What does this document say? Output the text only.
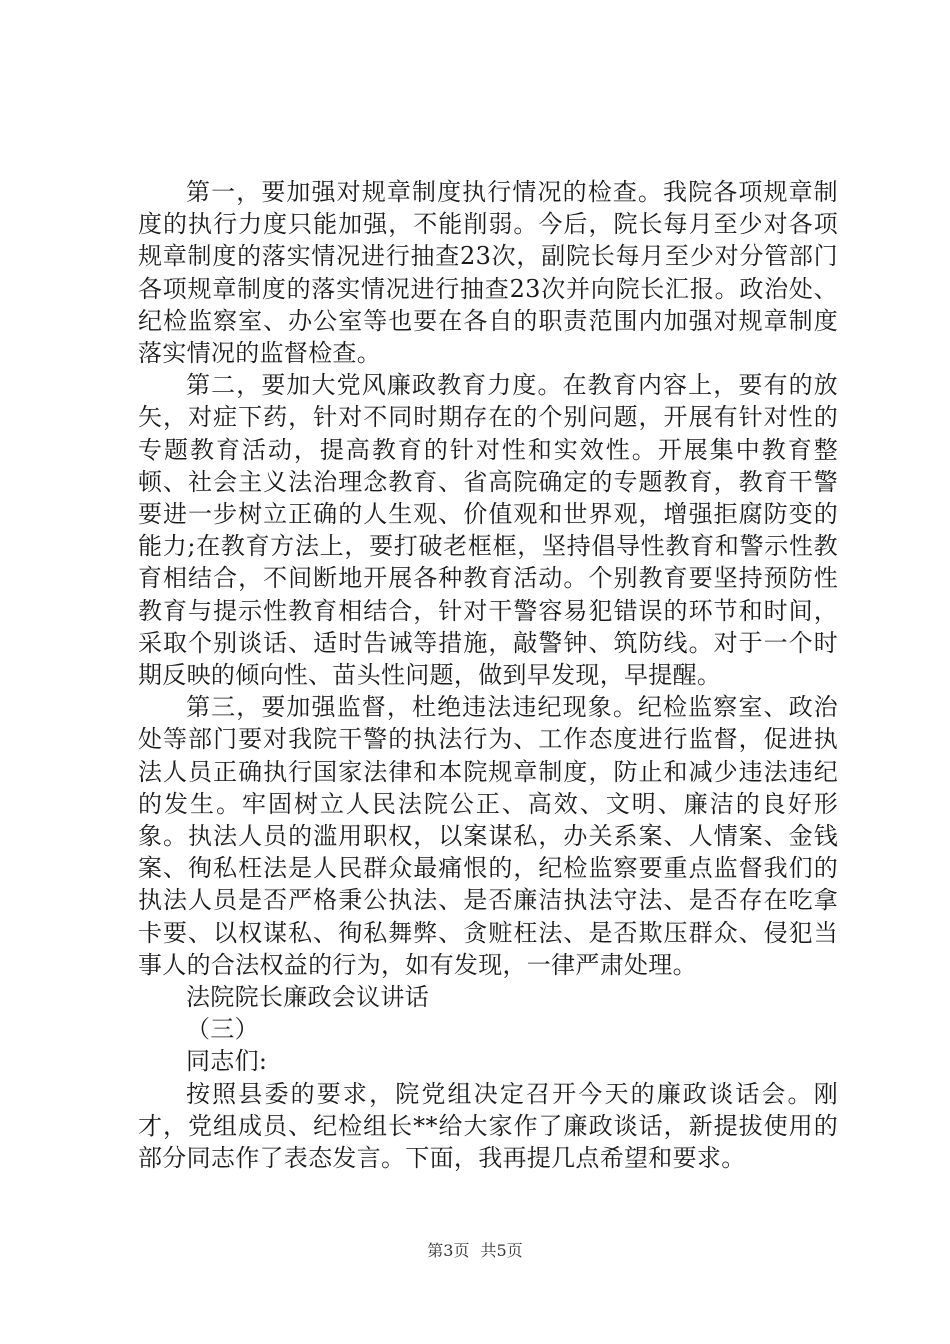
第一，要加强对规章制度执行情况的检查。我院各项规章制度的执行力度只能加强，不能削弱。今后，院长每月至少对各项规章制度的落实情况进行抽查23次，副院长每月至少对分管部门各项规章制度的落实情况进行抽查23次并向院长汇报。政治处、纪检监察室、办公室等也要在各自的职责范围内加强对规章制度落实情况的监督检查。

第二，要加大党风廉政教育力度。在教育内容上，要有的放矢，对症下药，针对不同时期存在的个别问题，开展有针对性的专题教育活动，提高教育的针对性和实效性。开展集中教育整顿、社会主义法治理念教育、省高院确定的专题教育，教育干警要进一步树立正确的人生观、价值观和世界观，增强拒腐防变的能力;在教育方法上，要打破老框框，坚持倡导性教育和警示性教育相结合，不间断地开展各种教育活动。个别教育要坚持预防性教育与提示性教育相结合，针对干警容易犯错误的环节和时间，采取个别谈话、适时告诫等措施，敲警钟、筑防线。对于一个时期反映的倾向性、苗头性问题，做到早发现，早提醒。

第三，要加强监督，杜绝违法违纪现象。纪检监察室、政治处等部门要对我院干警的执法行为、工作态度进行监督，促进执法人员正确执行国家法律和本院规章制度，防止和减少违法违纪的发生。牢固树立人民法院公正、高效、文明、廉洁的良好形象。执法人员的滥用职权，以案谋私，办关系案、人情案、金钱案、徇私枉法是人民群众最痛恨的，纪检监察要重点监督我们的执法人员是否严格秉公执法、是否廉洁执法守法、是否存在吃拿卡要、以权谋私、徇私舞弊、贪赃枉法、是否欺压群众、侵犯当事人的合法权益的行为，如有发现，一律严肃处理。

法院院长廉政会议讲话

（三）

同志们:

按照县委的要求，院党组决定召开今天的廉政谈话会。刚才，党组成员、纪检组长**给大家作了廉政谈话，新提拔使用的部分同志作了表态发言。下面，我再提几点希望和要求。

第3页 共5页
